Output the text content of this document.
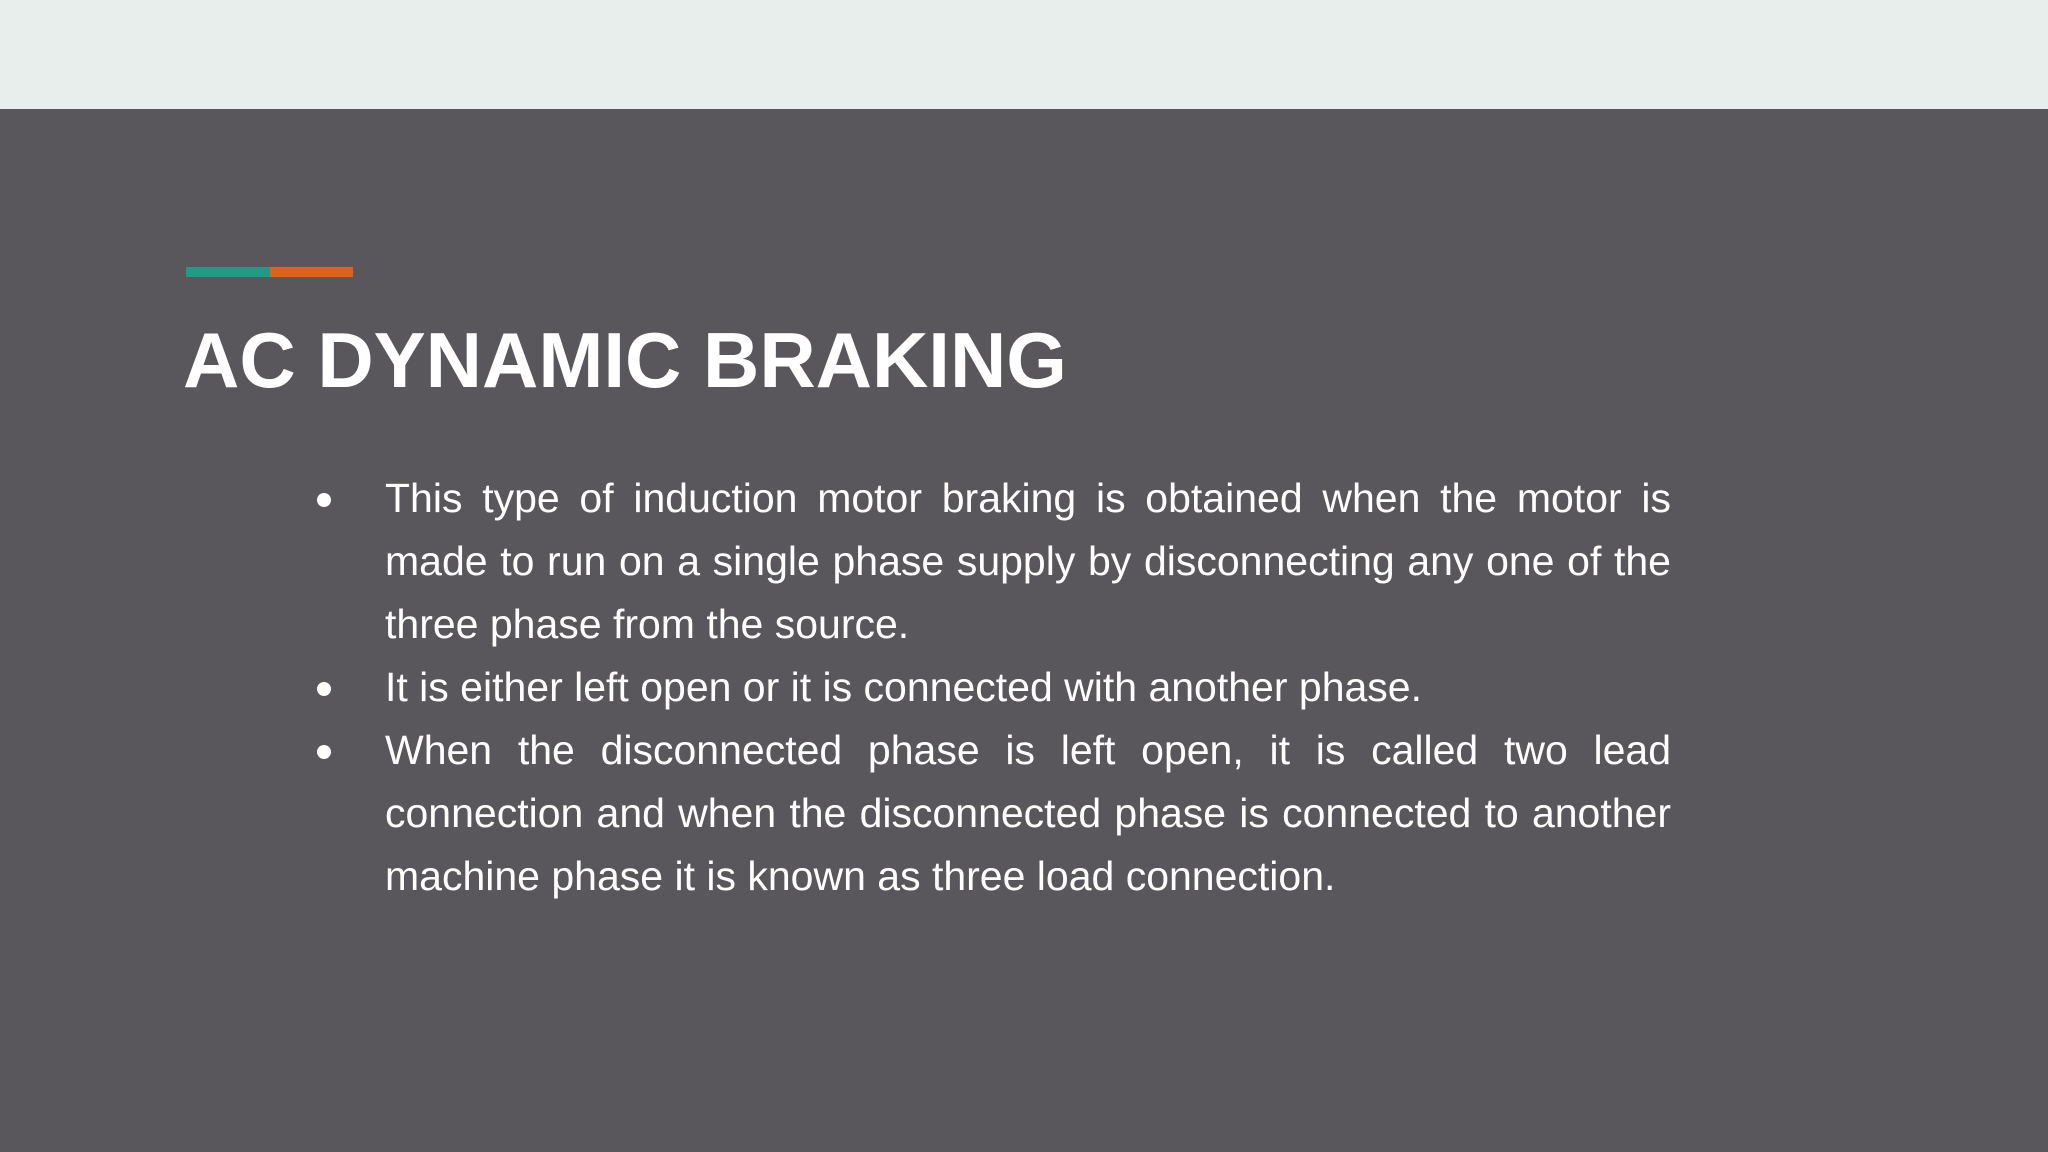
AC DYNAMIC BRAKING
This type of induction motor braking is obtained when the motor is made to run on a single phase supply by disconnecting any one of the three phase from the source.
It is either left open or it is connected with another phase.
When the disconnected phase is left open, it is called two lead connection and when the disconnected phase is connected to another machine phase it is known as three load connection.
